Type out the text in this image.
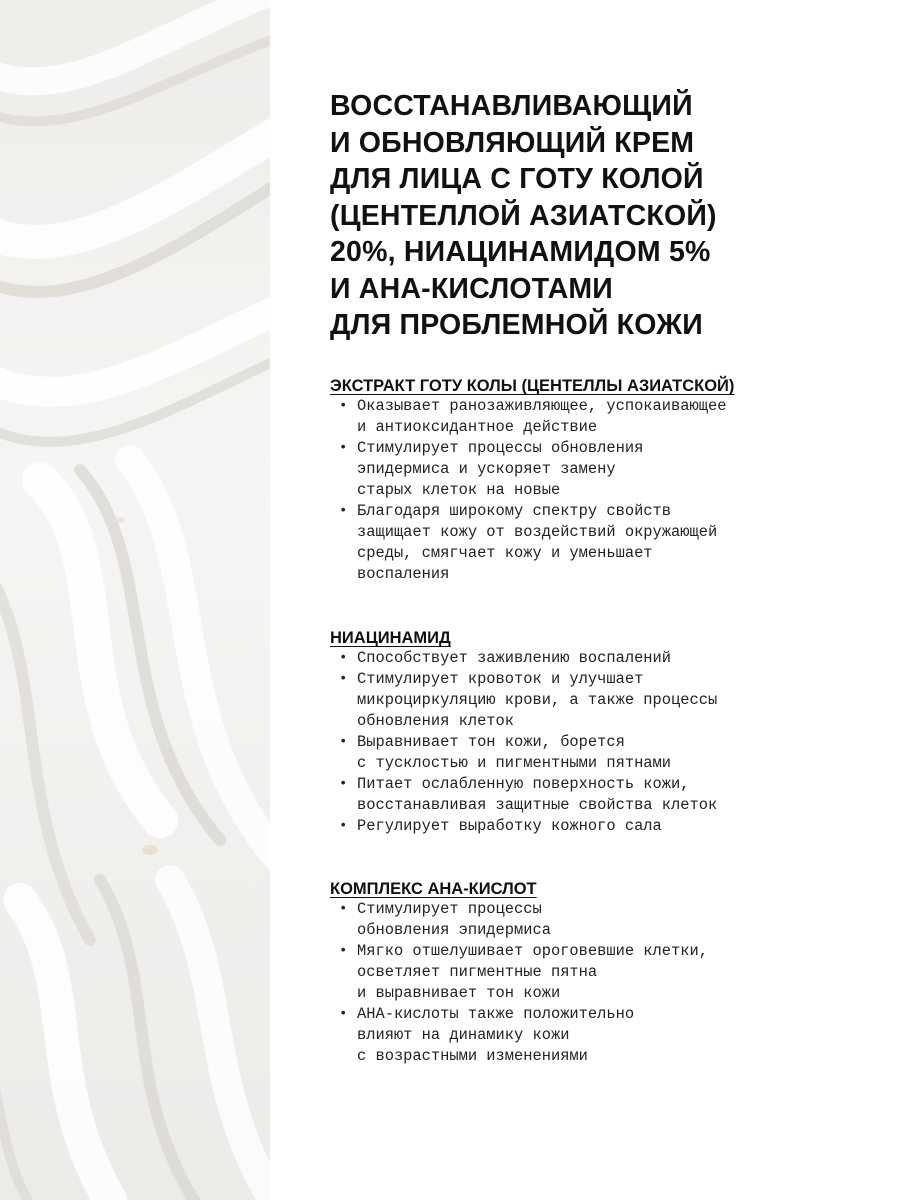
ВОССТАНАВЛИВАЮЩИЙ
И ОБНОВЛЯЮЩИЙ КРЕМ
ДЛЯ ЛИЦА С ГОТУ КОЛОЙ
(ЦЕНТЕЛЛОЙ АЗИАТСКОЙ)
20%, НИАЦИНАМИДОМ 5%
И АНА-КИСЛОТАМИ
ДЛЯ ПРОБЛЕМНОЙ КОЖИ
ЭКСТРАКТ ГОТУ КОЛЫ (ЦЕНТЕЛЛЫ АЗИАТСКОЙ)
• Оказывает ранозаживляющее, успокаивающее
и антиоксидантное действие
• Стимулирует процессы обновления
эпидермиса и ускоряет замену
старых клеток на новые
• Благодаря широкому спектру свойств
защищает кожу от воздействий окружающей
среды, смягчает кожу и уменьшает
воспаления
НИАЦИНАМИД
• Способствует заживлению воспалений
• Стимулирует кровоток и улучшает
микроциркуляцию крови, а также процессы
обновления клеток
• Выравнивает тон кожи, борется
с тусклостью и пигментными пятнами
• Питает ослабленную поверхность кожи,
восстанавливая защитные свойства клеток
• Регулирует выработку кожного сала
КОМПЛЕКС АНА-КИСЛОТ
• Стимулирует процессы
обновления эпидермиса
• Мягко отшелушивает ороговевшие клетки,
осветляет пигментные пятна
и выравнивает тон кожи
• АНА-кислоты также положительно
влияют на динамику кожи
с возрастными изменениями
